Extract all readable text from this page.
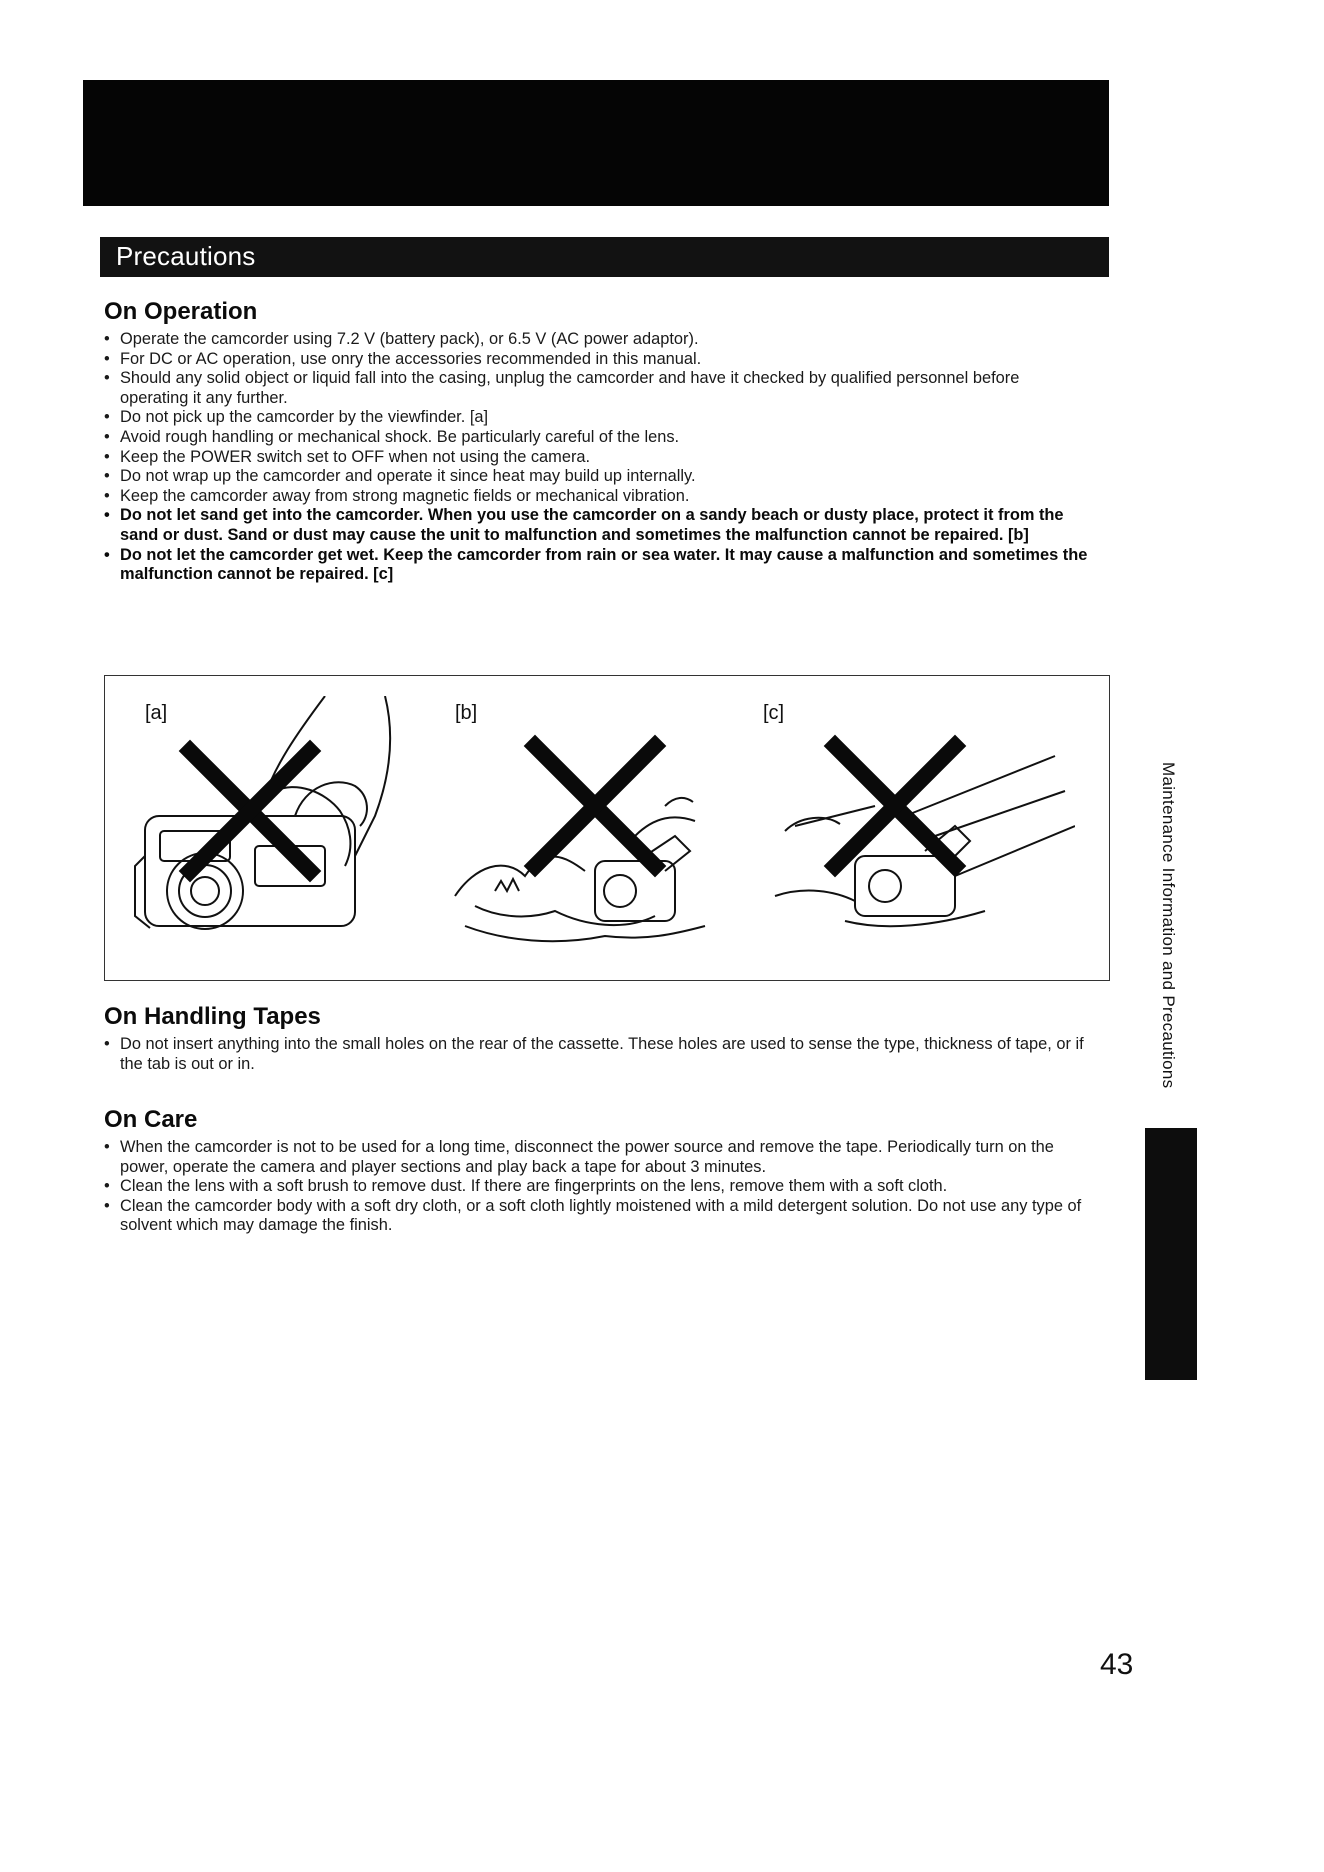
Precautions
On Operation
• Operate the camcorder using 7.2 V (battery pack), or 6.5 V (AC power adaptor).
• For DC or AC operation, use onry the accessories recommended in this manual.
• Should any solid object or liquid fall into the casing, unplug the camcorder and have it checked by qualified personnel before operating it any further.
• Do not pick up the camcorder by the viewfinder. [a]
• Avoid rough handling or mechanical shock. Be particularly careful of the lens.
• Keep the POWER switch set to OFF when not using the camera.
• Do not wrap up the camcorder and operate it since heat may build up internally.
• Keep the camcorder away from strong magnetic fields or mechanical vibration.
• Do not let sand get into the camcorder. When you use the camcorder on a sandy beach or dusty place, protect it from the sand or dust. Sand or dust may cause the unit to malfunction and sometimes the malfunction cannot be repaired. [b]
• Do not let the camcorder get wet. Keep the camcorder from rain or sea water. It may cause a malfunction and sometimes the malfunction cannot be repaired. [c]
[a]	[b]	[c]
On Handling Tapes
• Do not insert anything into the small holes on the rear of the cassette. These holes are used to sense the type, thickness of tape, or if the tab is out or in.
On Care
• When the camcorder is not to be used for a long time, disconnect the power source and remove the tape. Periodically turn on the power, operate the camera and player sections and play back a tape for about 3 minutes.
• Clean the lens with a soft brush to remove dust. If there are fingerprints on the lens, remove them with a soft cloth.
• Clean the camcorder body with a soft dry cloth, or a soft cloth lightly moistened with a mild detergent solution. Do not use any type of solvent which may damage the finish.
Maintenance Information and Precautions
43
